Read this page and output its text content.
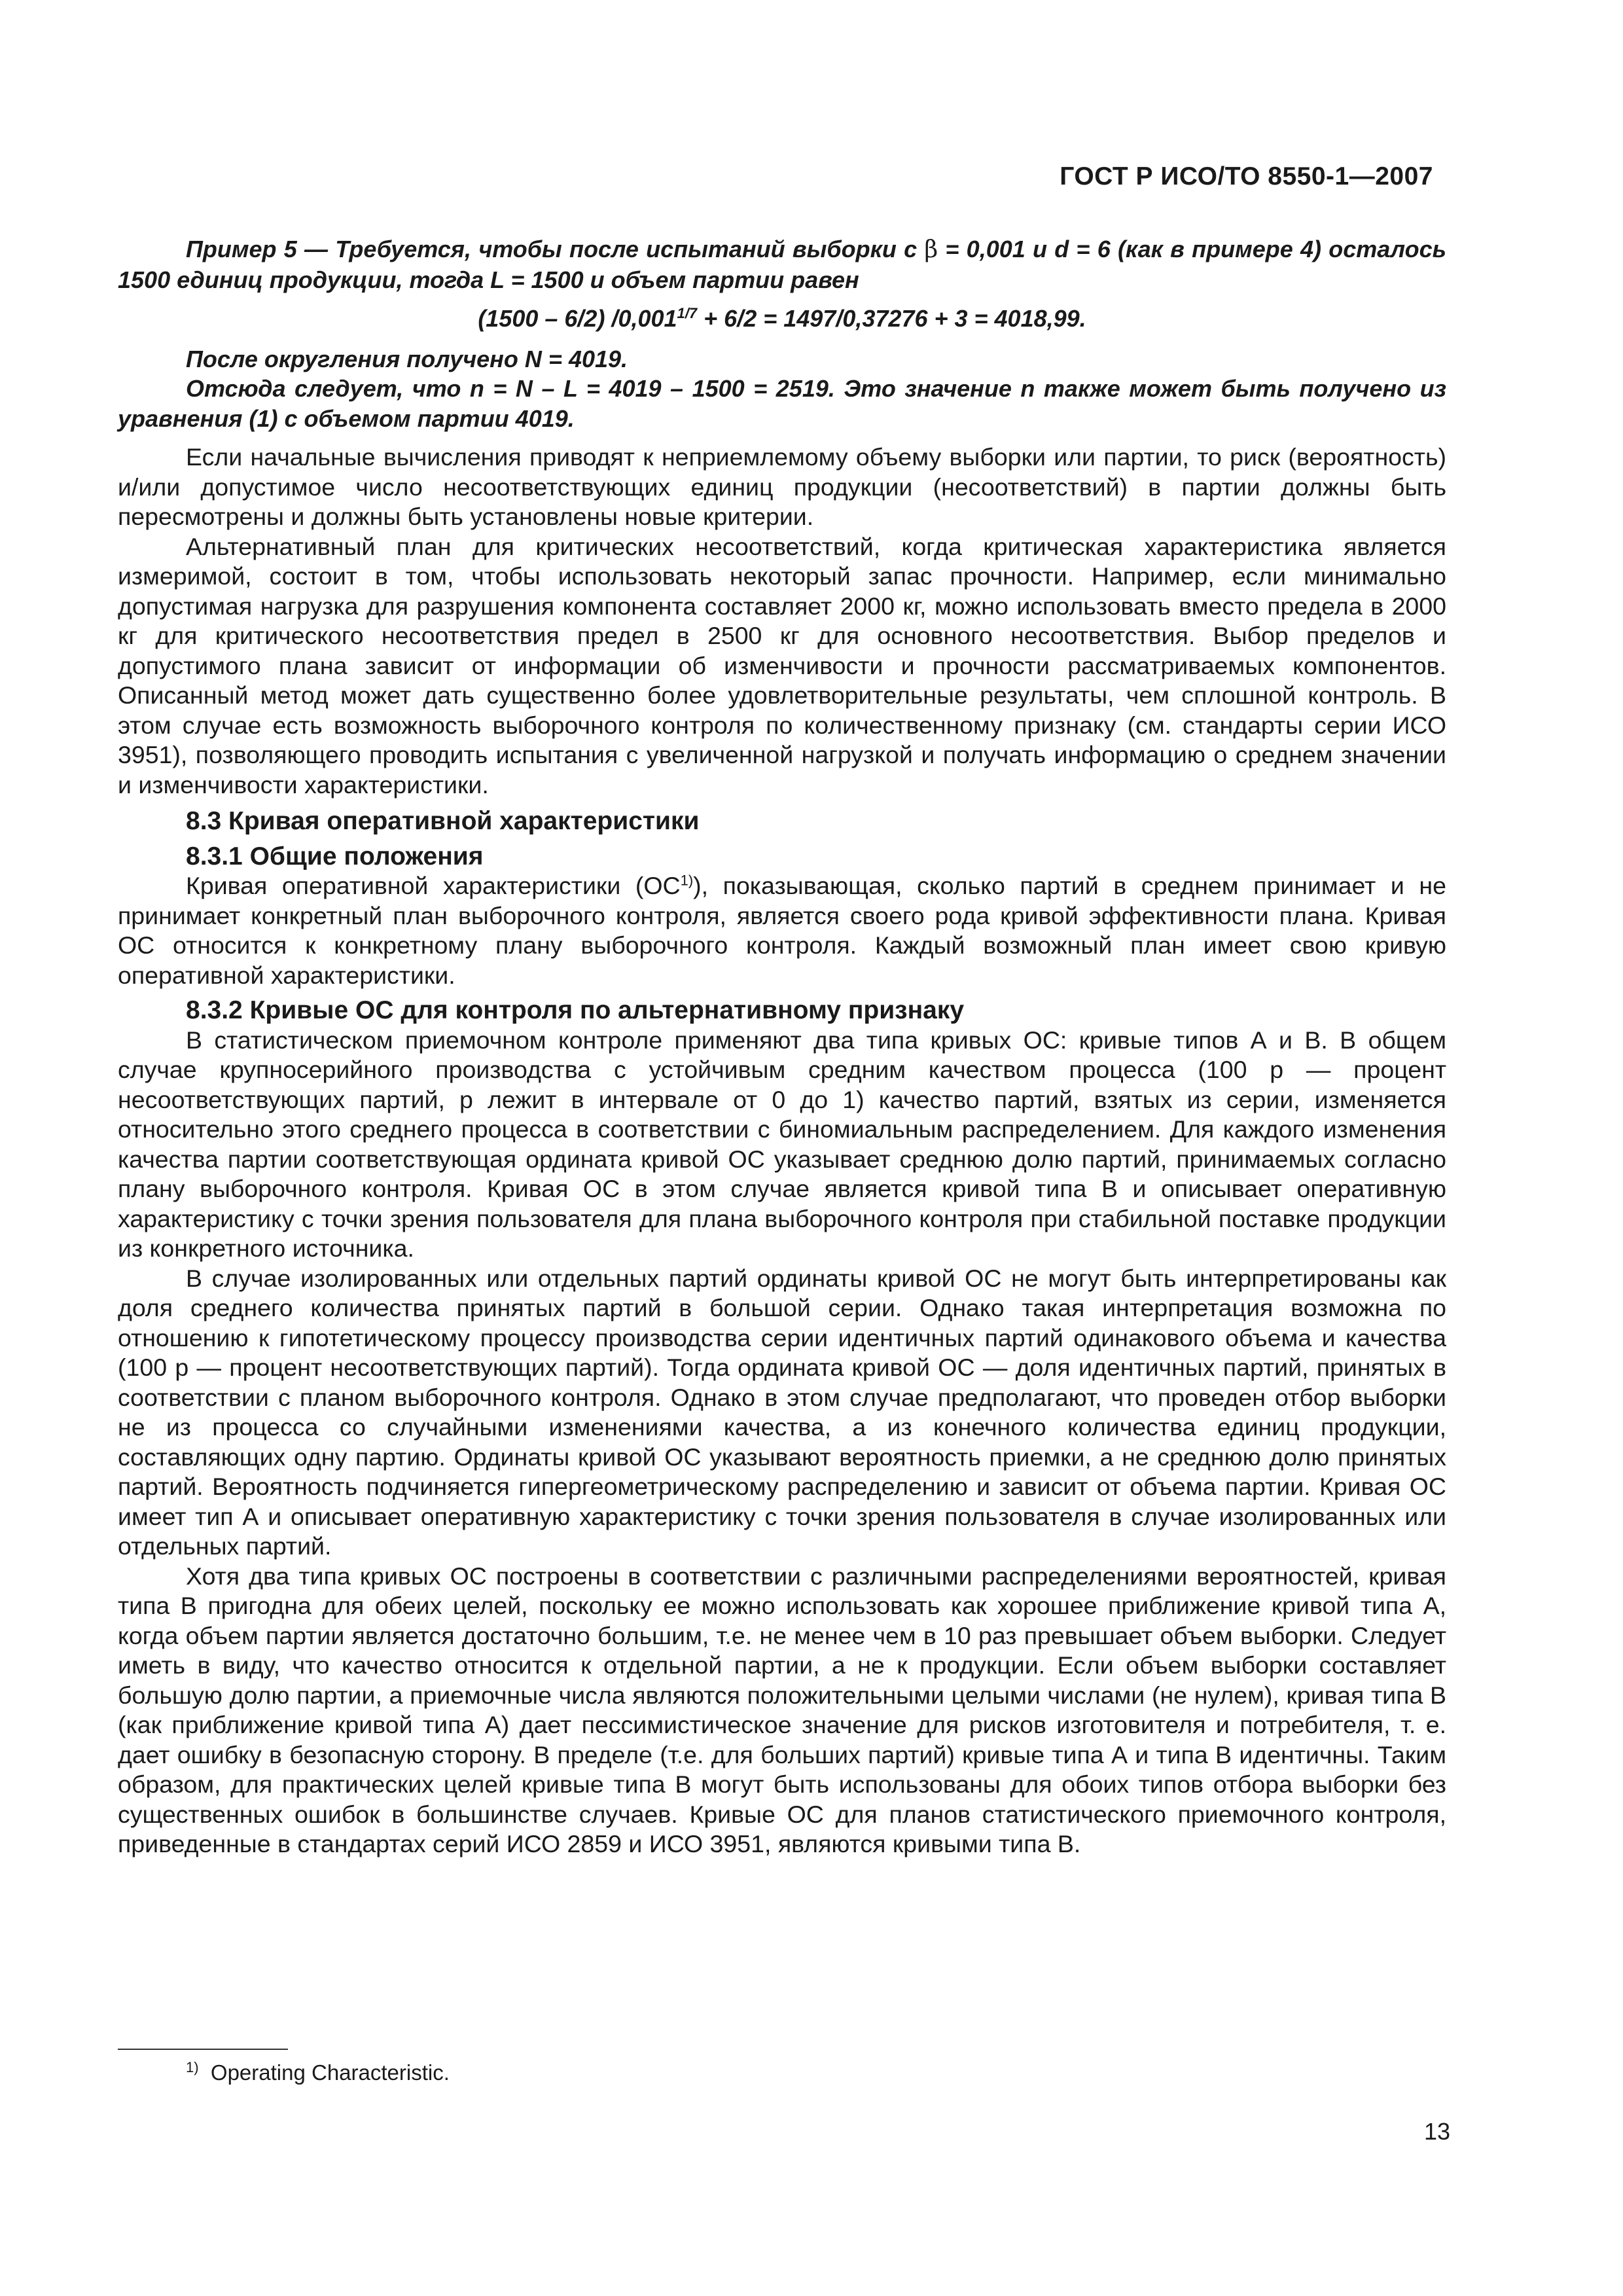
ГОСТ Р ИСО/ТО 8550-1—2007

Пример 5 — Требуется, чтобы после испытаний выборки с β = 0,001 и d = 6 (как в примере 4) осталось 1500 единиц продукции, тогда L = 1500 и объем партии равен

(1500 – 6/2) $/0,001^{1/7} + 6/2 = 1497/0,37276 + 3 = 4018,99$.

После округления получено N = 4019.

Отсюда следует, что n = N – L = 4019 – 1500 = 2519. Это значение n также может быть получено из уравнения (1) с объемом партии 4019.

Если начальные вычисления приводят к неприемлемому объему выборки или партии, то риск (вероятность) и/или допустимое число несоответствующих единиц продукции (несоответствий) в партии должны быть пересмотрены и должны быть установлены новые критерии.

Альтернативный план для критических несоответствий, когда критическая характеристика является измеримой, состоит в том, чтобы использовать некоторый запас прочности. Например, если минимально допустимая нагрузка для разрушения компонента составляет 2000 кг, можно использовать вместо предела в 2000 кг для критического несоответствия предел в 2500 кг для основного несоответствия. Выбор пределов и допустимого плана зависит от информации об изменчивости и прочности рассматриваемых компонентов. Описанный метод может дать существенно более удовлетворительные результаты, чем сплошной контроль. В этом случае есть возможность выборочного контроля по количественному признаку (см. стандарты серии ИСО 3951), позволяющего проводить испытания с увеличенной нагрузкой и получать информацию о среднем значении и изменчивости характеристики.

8.3 Кривая оперативной характеристики
8.3.1 Общие положения

Кривая оперативной характеристики (ОС$^{1)}$), показывающая, сколько партий в среднем принимает и не принимает конкретный план выборочного контроля, является своего рода кривой эффективности плана. Кривая ОС относится к конкретному плану выборочного контроля. Каждый возможный план имеет свою кривую оперативной характеристики.

8.3.2 Кривые ОС для контроля по альтернативному признаку

В статистическом приемочном контроле применяют два типа кривых ОС: кривые типов А и В. В общем случае крупносерийного производства с устойчивым средним качеством процесса (100 p — процент несоответствующих партий, p лежит в интервале от 0 до 1) качество партий, взятых из серии, изменяется относительно этого среднего процесса в соответствии с биномиальным распределением. Для каждого изменения качества партии соответствующая ордината кривой ОС указывает среднюю долю партий, принимаемых согласно плану выборочного контроля. Кривая ОС в этом случае является кривой типа В и описывает оперативную характеристику с точки зрения пользователя для плана выборочного контроля при стабильной поставке продукции из конкретного источника.

В случае изолированных или отдельных партий ординаты кривой ОС не могут быть интерпретированы как доля среднего количества принятых партий в большой серии. Однако такая интерпретация возможна по отношению к гипотетическому процессу производства серии идентичных партий одинакового объема и качества (100 p — процент несоответствующих партий). Тогда ордината кривой ОС — доля идентичных партий, принятых в соответствии с планом выборочного контроля. Однако в этом случае предполагают, что проведен отбор выборки не из процесса со случайными изменениями качества, а из конечного количества единиц продукции, составляющих одну партию. Ординаты кривой ОС указывают вероятность приемки, а не среднюю долю принятых партий. Вероятность подчиняется гипергеометрическому распределению и зависит от объема партии. Кривая ОС имеет тип А и описывает оперативную характеристику с точки зрения пользователя в случае изолированных или отдельных партий.

Хотя два типа кривых ОС построены в соответствии с различными распределениями вероятностей, кривая типа В пригодна для обеих целей, поскольку ее можно использовать как хорошее приближение кривой типа А, когда объем партии является достаточно большим, т.е. не менее чем в 10 раз превышает объем выборки. Следует иметь в виду, что качество относится к отдельной партии, а не к продукции. Если объем выборки составляет большую долю партии, а приемочные числа являются положительными целыми числами (не нулем), кривая типа В (как приближение кривой типа А) дает пессимистическое значение для рисков изготовителя и потребителя, т. е. дает ошибку в безопасную сторону. В пределе (т.е. для больших партий) кривые типа А и типа В идентичны. Таким образом, для практических целей кривые типа В могут быть использованы для обоих типов отбора выборки без существенных ошибок в большинстве случаев. Кривые ОС для планов статистического приемочного контроля, приведенные в стандартах серий ИСО 2859 и ИСО 3951, являются кривыми типа В.

$^{1)}$ Operating Characteristic.
13
